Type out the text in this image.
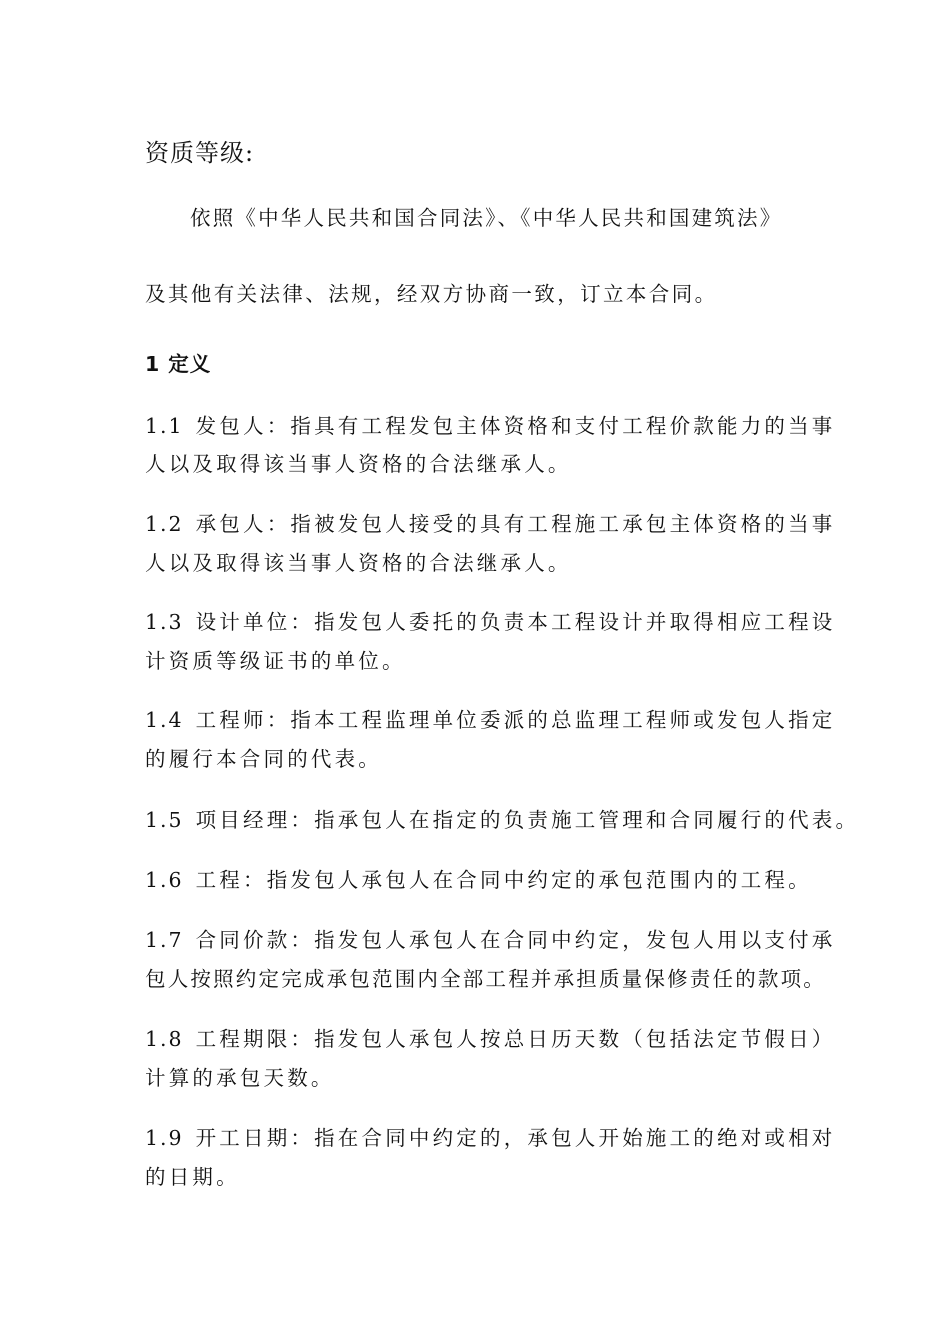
资质等级:

依照《中华人民共和国合同法》、《中华人民共和国建筑法》

及其他有关法律、法规，经双方协商一致，订立本合同。

1 定义

1.1 发包人：指具有工程发包主体资格和支付工程价款能力的当事

人以及取得该当事人资格的合法继承人。

1.2 承包人：指被发包人接受的具有工程施工承包主体资格的当事

人以及取得该当事人资格的合法继承人。

1.3 设计单位：指发包人委托的负责本工程设计并取得相应工程设

计资质等级证书的单位。

1.4 工程师：指本工程监理单位委派的总监理工程师或发包人指定

的履行本合同的代表。

1.5 项目经理：指承包人在指定的负责施工管理和合同履行的代表。

1.6 工程：指发包人承包人在合同中约定的承包范围内的工程。

1.7 合同价款：指发包人承包人在合同中约定，发包人用以支付承

包人按照约定完成承包范围内全部工程并承担质量保修责任的款项。

1.8 工程期限：指发包人承包人按总日历天数（包括法定节假日）

计算的承包天数。

1.9 开工日期：指在合同中约定的，承包人开始施工的绝对或相对

的日期。
